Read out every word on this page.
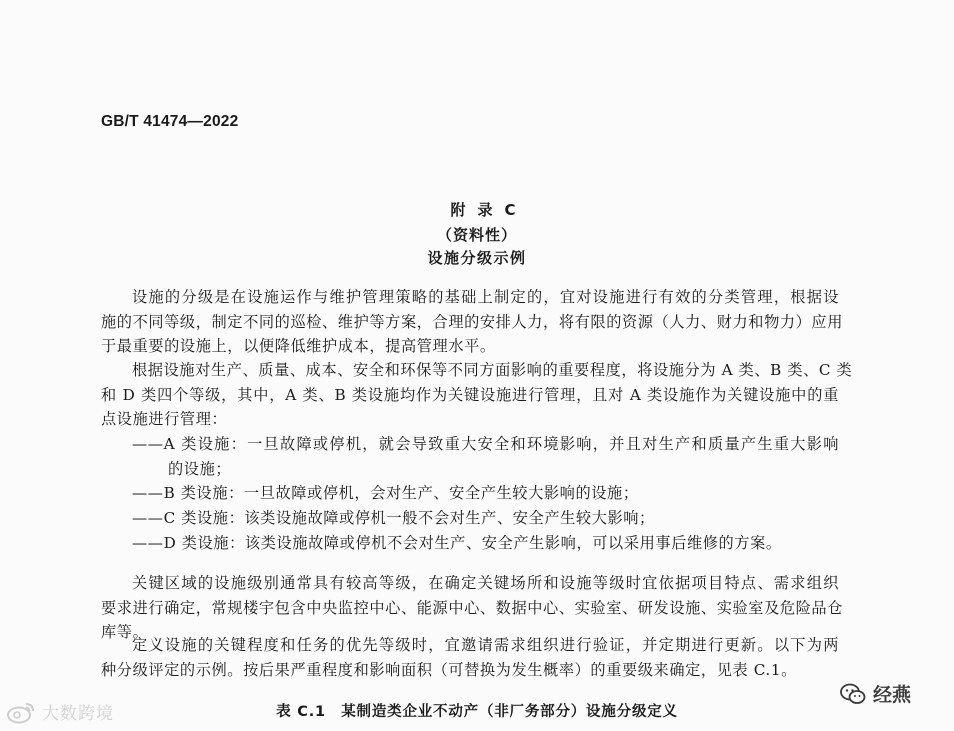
GB/T 41474—2022
附录C
（资料性）
设施分级示例
设施的分级是在设施运作与维护管理策略的基础上制定的，宜对设施进行有效的分类管理，根据设
施的不同等级，制定不同的巡检、维护等方案，合理的安排人力，将有限的资源（人力、财力和物力）应用
于最重要的设施上，以便降低维护成本，提高管理水平。
根据设施对生产、质量、成本、安全和环保等不同方面影响的重要程度，将设施分为 A 类、B 类、C 类
和 D 类四个等级，其中，A 类、B 类设施均作为关键设施进行管理，且对 A 类设施作为关键设施中的重
点设施进行管理：
——A 类设施：一旦故障或停机，就会导致重大安全和环境影响，并且对生产和质量产生重大影响
的设施；
——B 类设施：一旦故障或停机，会对生产、安全产生较大影响的设施；
——C 类设施：该类设施故障或停机一般不会对生产、安全产生较大影响；
——D 类设施：该类设施故障或停机不会对生产、安全产生影响，可以采用事后维修的方案。
关键区域的设施级别通常具有较高等级，在确定关键场所和设施等级时宜依据项目特点、需求组织
要求进行确定，常规楼宇包含中央监控中心、能源中心、数据中心、实验室、研发设施、实验室及危险品仓
库等。
定义设施的关键程度和任务的优先等级时，宜邀请需求组织进行验证，并定期进行更新。以下为两
种分级评定的示例。按后果严重程度和影响面积（可替换为发生概率）的重要级来确定，见表 C.1。
表 C.1　某制造类企业不动产（非厂务部分）设施分级定义
大数跨境
经燕
